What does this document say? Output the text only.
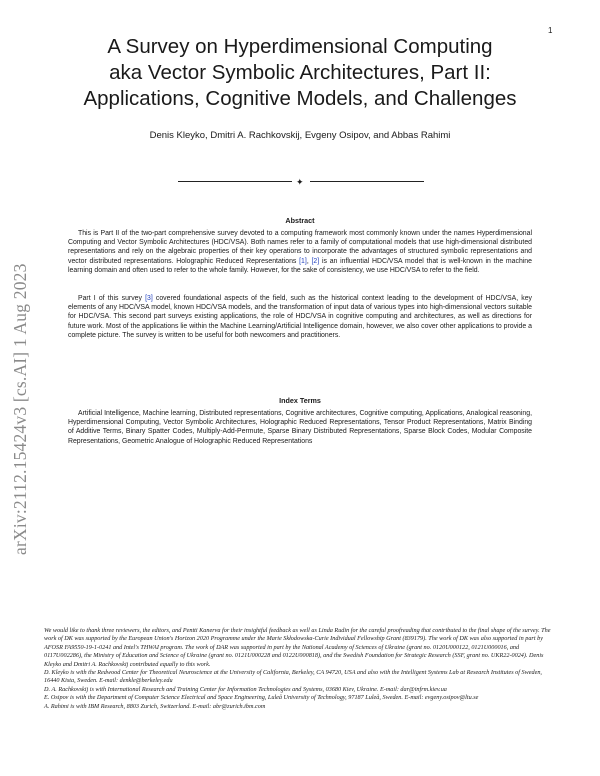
1
arXiv:2112.15424v3 [cs.AI] 1 Aug 2023
A Survey on Hyperdimensional Computing
aka Vector Symbolic Architectures, Part II:
Applications, Cognitive Models, and Challenges
Denis Kleyko, Dmitri A. Rachkovskij, Evgeny Osipov, and Abbas Rahimi
✦
Abstract

This is Part II of the two-part comprehensive survey devoted to a computing framework most commonly known under the names Hyperdimensional Computing and Vector Symbolic Architectures (HDC/VSA). Both names refer to a family of computational models that use high-dimensional distributed representations and rely on the algebraic properties of their key operations to incorporate the advantages of structured symbolic representations and vector distributed representations. Holographic Reduced Representations [1], [2] is an influential HDC/VSA model that is well-known in the machine learning domain and often used to refer to the whole family. However, for the sake of consistency, we use HDC/VSA to refer to the field.

Part I of this survey [3] covered foundational aspects of the field, such as the historical context leading to the development of HDC/VSA, key elements of any HDC/VSA model, known HDC/VSA models, and the transformation of input data of various types into high-dimensional vectors suitable for HDC/VSA. This second part surveys existing applications, the role of HDC/VSA in cognitive computing and architectures, as well as directions for future work. Most of the applications lie within the Machine Learning/Artificial Intelligence domain, however, we also cover other applications to provide a complete picture. The survey is written to be useful for both newcomers and practitioners.

Index Terms

Artificial Intelligence, Machine learning, Distributed representations, Cognitive architectures, Cognitive computing, Applications, Analogical reasoning, Hyperdimensional Computing, Vector Symbolic Architectures, Holographic Reduced Representations, Tensor Product Representations, Matrix Binding of Additive Terms, Binary Spatter Codes, Multiply-Add-Permute, Sparse Binary Distributed Representations, Sparse Block Codes, Modular Composite Representations, Geometric Analogue of Holographic Reduced Representations

We would like to thank three reviewers, the editors, and Pentti Kanerva for their insightful feedback as well as Linda Rudin for the careful proofreading that contributed to the final shape of the survey. The work of DK was supported by the European Union's Horizon 2020 Programme under the Marie Skłodowska-Curie Individual Fellowship Grant (839179). The work of DK was also supported in part by AFOSR FA9550-19-1-0241 and Intel's THWAI program. The work of DAR was supported in part by the National Academy of Sciences of Ukraine (grant no. 0120U000122, 0121U000016, and 0117U002286), the Ministry of Education and Science of Ukraine (grant no. 0121U000228 and 0122U000818), and the Swedish Foundation for Strategic Research (SSF, grant no. UKR22-0024). Denis Kleyko and Dmitri A. Rachkovskij contributed equally to this work.

D. Kleyko is with the Redwood Center for Theoretical Neuroscience at the University of California, Berkeley, CA 94720, USA and also with the Intelligent Systems Lab at Research Institutes of Sweden, 16440 Kista, Sweden. E-mail: denkle@berkeley.edu

D. A. Rachkovskij is with International Research and Training Center for Information Technologies and Systems, 03680 Kiev, Ukraine. E-mail: dar@infrm.kiev.ua

E. Osipov is with the Department of Computer Science Electrical and Space Engineering, Luleå University of Technology, 97187 Luleå, Sweden. E-mail: evgeny.osipov@ltu.se

A. Rahimi is with IBM Research, 8803 Zurich, Switzerland. E-mail: abr@zurich.ibm.com
